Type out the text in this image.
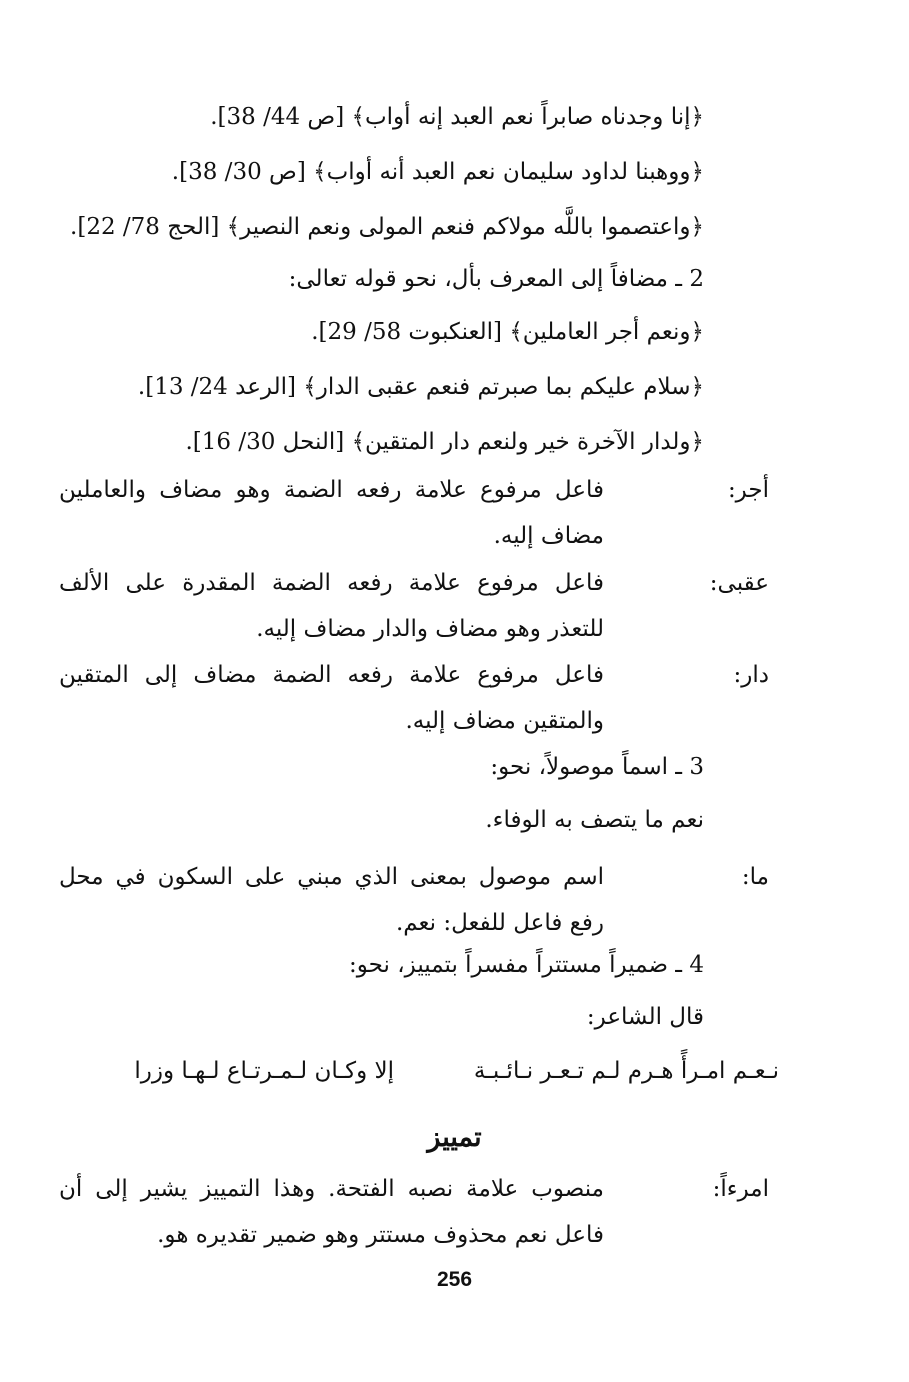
﴿إنا وجدناه صابراً نعم العبد إنه أواب﴾ [ص 44/ 38].
﴿ووهبنا لداود سليمان نعم العبد أنه أواب﴾ [ص 30/ 38].
﴿واعتصموا باللَّه مولاكم فنعم المولى ونعم النصير﴾ [الحج 78/ 22].
2 ـ مضافاً إلى المعرف بأل، نحو قوله تعالى:
﴿ونعم أجر العاملين﴾ [العنكبوت 58/ 29].
﴿سلام عليكم بما صبرتم فنعم عقبى الدار﴾ [الرعد 24/ 13].
﴿ولدار الآخرة خير ولنعم دار المتقين﴾ [النحل 30/ 16].
أجر:
فاعل مرفوع علامة رفعه الضمة وهو مضاف والعاملين مضاف إليه.
عقبى:
فاعل مرفوع علامة رفعه الضمة المقدرة على الألف للتعذر وهو مضاف والدار مضاف إليه.
دار:
فاعل مرفوع علامة رفعه الضمة مضاف إلى المتقين والمتقين مضاف إليه.
3 ـ اسماً موصولاً، نحو:
نعم ما يتصف به الوفاء.
ما:
اسم موصول بمعنى الذي مبني على السكون في محل رفع فاعل للفعل: نعم.
4 ـ ضميراً مستتراً مفسراً بتمييز، نحو:
قال الشاعر:
نـعـم امـرأً هـرم لـم تـعـر نـائـبـة
إلا وكـان لـمـرتـاع لـهـا وزرا
تمييز
امرءاً:
منصوب علامة نصبه الفتحة. وهذا التمييز يشير إلى أن فاعل نعم محذوف مستتر وهو ضمير تقديره هو.
256
